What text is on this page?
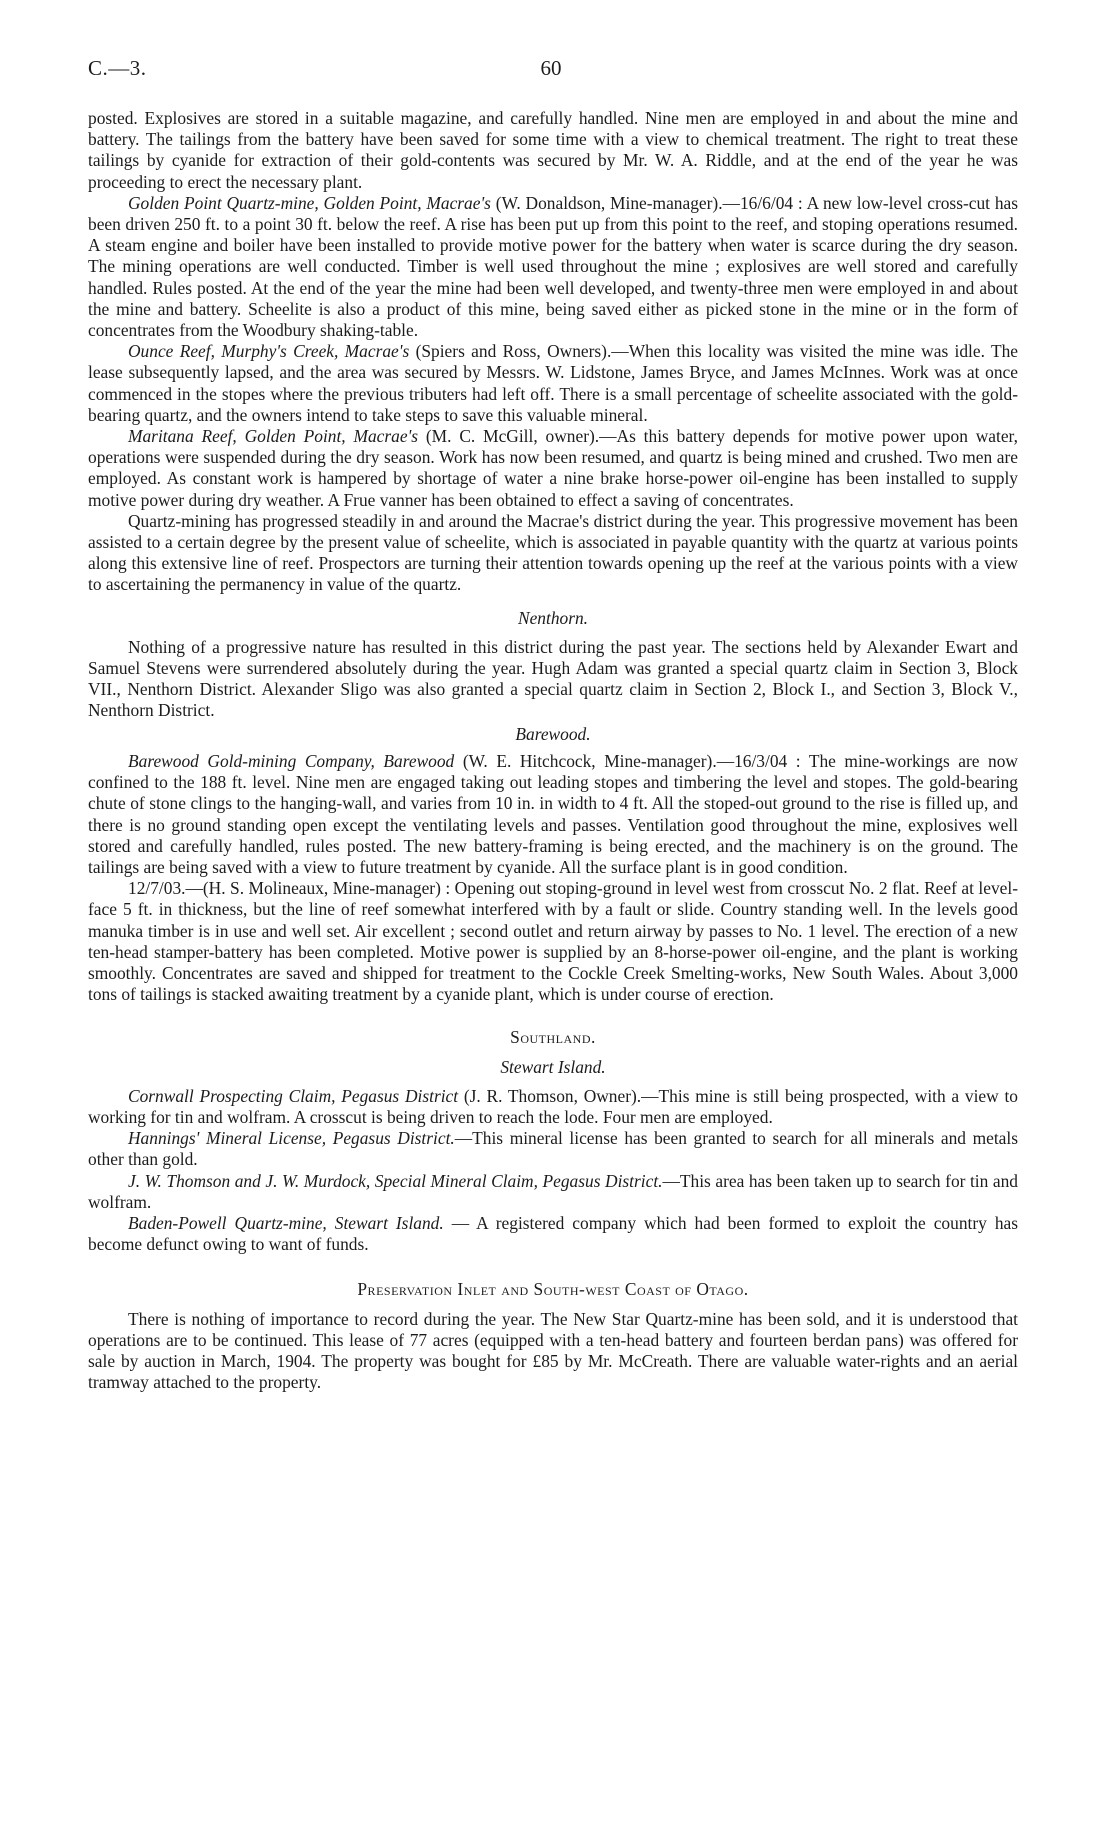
C.—3.	60

posted. Explosives are stored in a suitable magazine, and carefully handled. Nine men are employed in and about the mine and battery. The tailings from the battery have been saved for some time with a view to chemical treatment. The right to treat these tailings by cyanide for extraction of their gold-contents was secured by Mr. W. A. Riddle, and at the end of the year he was proceeding to erect the necessary plant.

Golden Point Quartz-mine, Golden Point, Macrae's (W. Donaldson, Mine-manager).—16/6/04 : A new low-level cross-cut has been driven 250 ft. to a point 30 ft. below the reef. A rise has been put up from this point to the reef, and stoping operations resumed. A steam engine and boiler have been installed to provide motive power for the battery when water is scarce during the dry season. The mining operations are well conducted. Timber is well used throughout the mine ; explosives are well stored and carefully handled. Rules posted. At the end of the year the mine had been well developed, and twenty-three men were employed in and about the mine and battery. Scheelite is also a product of this mine, being saved either as picked stone in the mine or in the form of concentrates from the Woodbury shaking-table.

Ounce Reef, Murphy's Creek, Macrae's (Spiers and Ross, Owners).—When this locality was visited the mine was idle. The lease subsequently lapsed, and the area was secured by Messrs. W. Lidstone, James Bryce, and James McInnes. Work was at once commenced in the stopes where the previous tributers had left off. There is a small percentage of scheelite associated with the gold-bearing quartz, and the owners intend to take steps to save this valuable mineral.

Maritana Reef, Golden Point, Macrae's (M. C. McGill, owner).—As this battery depends for motive power upon water, operations were suspended during the dry season. Work has now been resumed, and quartz is being mined and crushed. Two men are employed. As constant work is hampered by shortage of water a nine brake horse-power oil-engine has been installed to supply motive power during dry weather. A Frue vanner has been obtained to effect a saving of concentrates.

Quartz-mining has progressed steadily in and around the Macrae's district during the year. This progressive movement has been assisted to a certain degree by the present value of scheelite, which is associated in payable quantity with the quartz at various points along this extensive line of reef. Prospectors are turning their attention towards opening up the reef at the various points with a view to ascertaining the permanency in value of the quartz.

Nenthorn.

Nothing of a progressive nature has resulted in this district during the past year. The sections held by Alexander Ewart and Samuel Stevens were surrendered absolutely during the year. Hugh Adam was granted a special quartz claim in Section 3, Block VII., Nenthorn District. Alexander Sligo was also granted a special quartz claim in Section 2, Block I., and Section 3, Block V., Nenthorn District.

Barewood.

Barewood Gold-mining Company, Barewood (W. E. Hitchcock, Mine-manager).—16/3/04 : The mine-workings are now confined to the 188 ft. level. Nine men are engaged taking out leading stopes and timbering the level and stopes. The gold-bearing chute of stone clings to the hanging-wall, and varies from 10 in. in width to 4 ft. All the stoped-out ground to the rise is filled up, and there is no ground standing open except the ventilating levels and passes. Ventilation good throughout the mine, explosives well stored and carefully handled, rules posted. The new battery-framing is being erected, and the machinery is on the ground. The tailings are being saved with a view to future treatment by cyanide. All the surface plant is in good condition.

12/7/03.—(H. S. Molineaux, Mine-manager) : Opening out stoping-ground in level west from crosscut No. 2 flat. Reef at level-face 5 ft. in thickness, but the line of reef somewhat interfered with by a fault or slide. Country standing well. In the levels good manuka timber is in use and well set. Air excellent ; second outlet and return airway by passes to No. 1 level. The erection of a new ten-head stamper-battery has been completed. Motive power is supplied by an 8-horse-power oil-engine, and the plant is working smoothly. Concentrates are saved and shipped for treatment to the Cockle Creek Smelting-works, New South Wales. About 3,000 tons of tailings is stacked awaiting treatment by a cyanide plant, which is under course of erection.

Southland.
Stewart Island.

Cornwall Prospecting Claim, Pegasus District (J. R. Thomson, Owner).—This mine is still being prospected, with a view to working for tin and wolfram. A crosscut is being driven to reach the lode. Four men are employed.

Hannings' Mineral License, Pegasus District.—This mineral license has been granted to search for all minerals and metals other than gold.

J. W. Thomson and J. W. Murdock, Special Mineral Claim, Pegasus District.—This area has been taken up to search for tin and wolfram.

Baden-Powell Quartz-mine, Stewart Island. — A registered company which had been formed to exploit the country has become defunct owing to want of funds.

Preservation Inlet and South-west Coast of Otago.

There is nothing of importance to record during the year. The New Star Quartz-mine has been sold, and it is understood that operations are to be continued. This lease of 77 acres (equipped with a ten-head battery and fourteen berdan pans) was offered for sale by auction in March, 1904. The property was bought for £85 by Mr. McCreath. There are valuable water-rights and an aerial tramway attached to the property.
